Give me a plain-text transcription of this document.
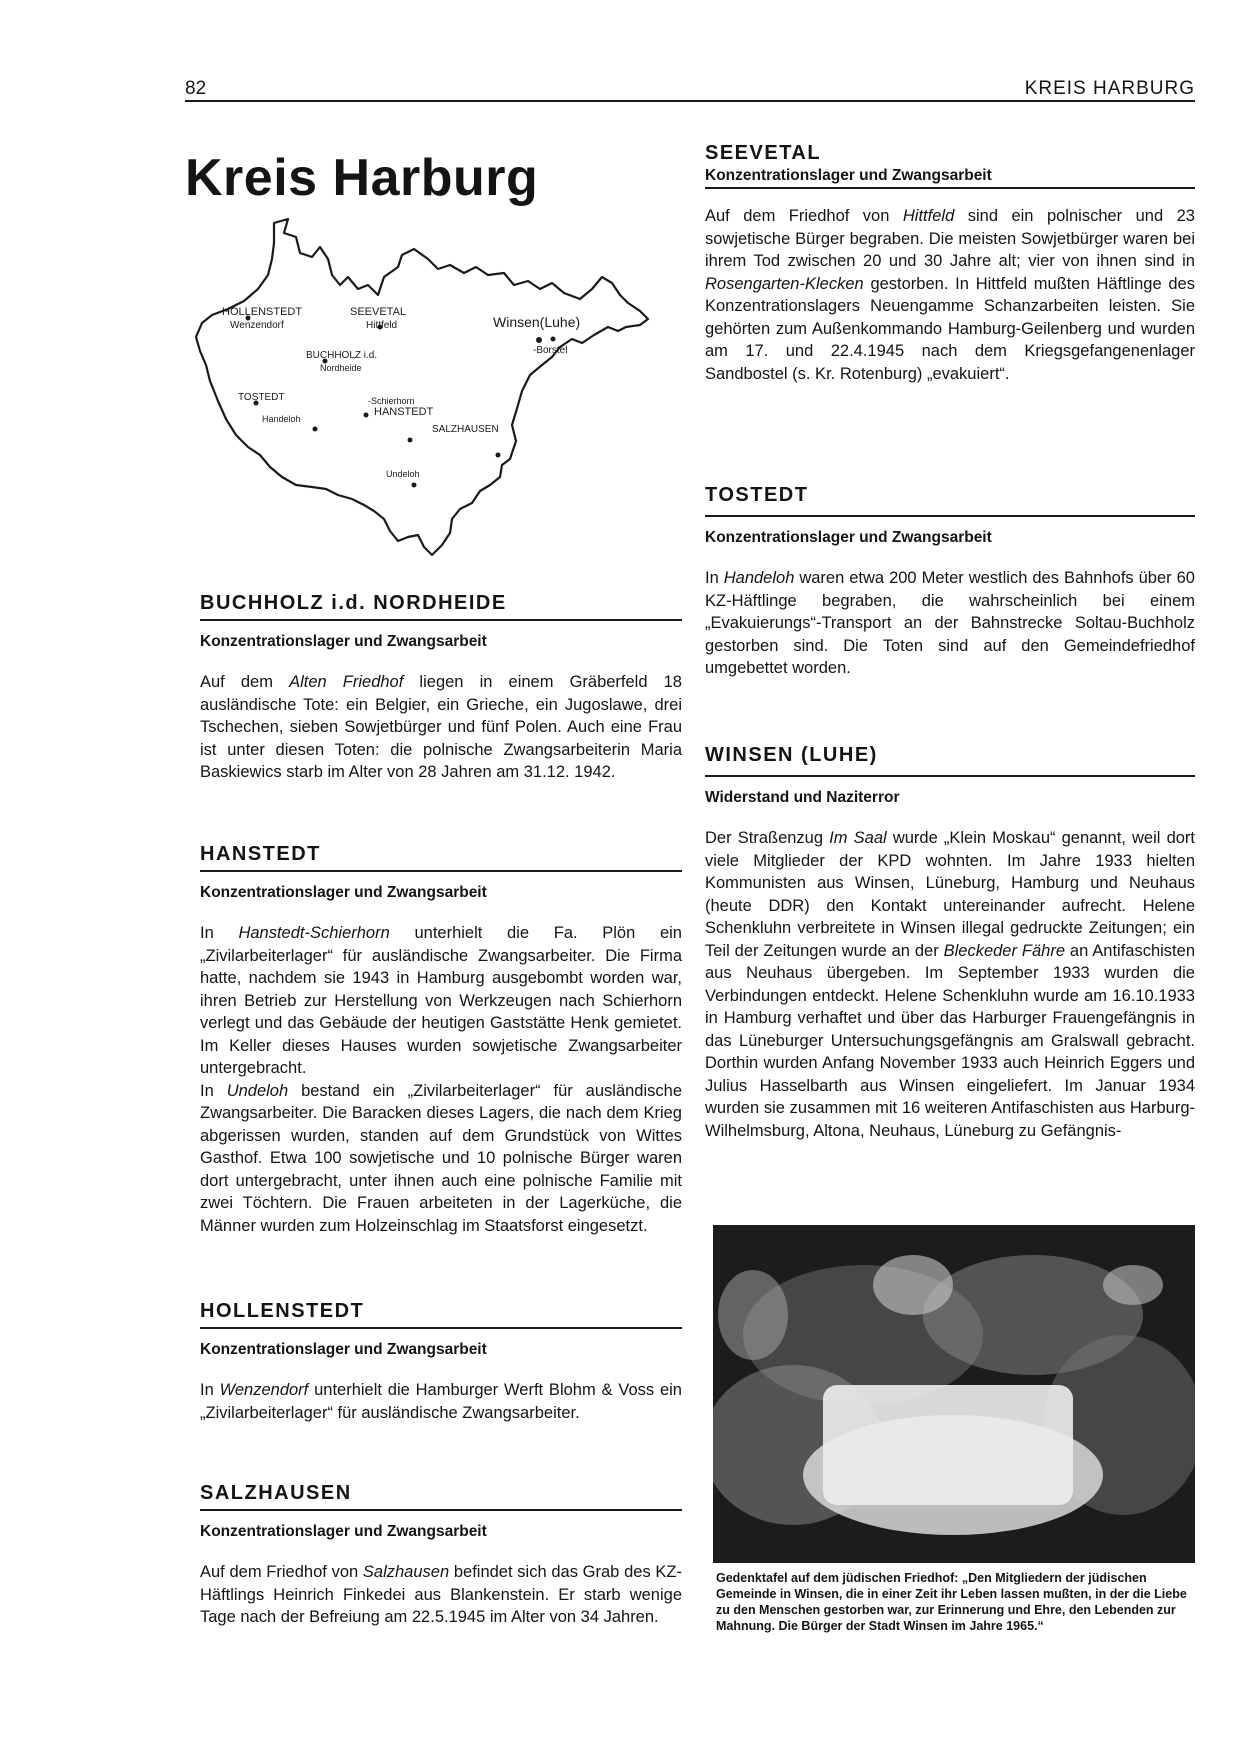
82	KREIS HARBURG
Kreis Harburg
HOLLENSTEDT
Wenzendorf
SEEVETAL
Hittfeld	Winsen(Luhe)
-Borstel
BUCHHOLZ i.d.
Nordheide
TOSTEDT
Handeloh
-Schierhorn
HANSTEDT
SALZHAUSEN
Undeloh
SEEVETAL

Konzentrationslager und Zwangsarbeit

Auf dem Friedhof von Hittfeld sind ein polnischer und 23 sowjetische Bürger begraben. Die meisten Sowjetbürger waren bei ihrem Tod zwischen 20 und 30 Jahre alt; vier von ihnen sind in Rosengarten-Klecken gestorben. In Hittfeld mußten Häftlinge des Konzentrationslagers Neuengamme Schanzarbeiten leisten. Sie gehörten zum Außenkommando Hamburg-Geilenberg und wurden am 17. und 22.4.1945 nach dem Kriegsgefangenenlager Sandbostel (s. Kr. Rotenburg) „evakuiert“.

TOSTEDT

Konzentrationslager und Zwangsarbeit

In Handeloh waren etwa 200 Meter westlich des Bahnhofs über 60 KZ-Häftlinge begraben, die wahrscheinlich bei einem „Evakuierungs“-Transport an der Bahnstrecke Soltau-Buchholz gestorben sind. Die Toten sind auf den Gemeindefriedhof umgebettet worden.

WINSEN (LUHE)

Widerstand und Naziterror

Der Straßenzug Im Saal wurde „Klein Moskau“ genannt, weil dort viele Mitglieder der KPD wohnten. Im Jahre 1933 hielten Kommunisten aus Winsen, Lüneburg, Hamburg und Neuhaus (heute DDR) den Kontakt untereinander aufrecht. Helene Schenkluhn verbreitete in Winsen illegal gedruckte Zeitungen; ein Teil der Zeitungen wurde an der Bleckeder Fähre an Antifaschisten aus Neuhaus übergeben. Im September 1933 wurden die Verbindungen entdeckt. Helene Schenkluhn wurde am 16.10.1933 in Hamburg verhaftet und über das Harburger Frauengefängnis in das Lüneburger Untersuchungsgefängnis am Gralswall gebracht. Dorthin wurden Anfang November 1933 auch Heinrich Eggers und Julius Hasselbarth aus Winsen eingeliefert. Im Januar 1934 wurden sie zusammen mit 16 weiteren Antifaschisten aus Harburg-Wilhelmsburg, Altona, Neuhaus, Lüneburg zu Gefängnis-

Gedenktafel auf dem jüdischen Friedhof: „Den Mitgliedern der jüdischen Gemeinde in Winsen, die in einer Zeit ihr Leben lassen mußten, in der die Liebe zu den Menschen gestorben war, zur Erinnerung und Ehre, den Lebenden zur Mahnung. Die Bürger der Stadt Winsen im Jahre 1965.“

BUCHHOLZ i.d. NORDHEIDE

Konzentrationslager und Zwangsarbeit

Auf dem Alten Friedhof liegen in einem Gräberfeld 18 ausländische Tote: ein Belgier, ein Grieche, ein Jugoslawe, drei Tschechen, sieben Sowjetbürger und fünf Polen. Auch eine Frau ist unter diesen Toten: die polnische Zwangsarbeiterin Maria Baskiewics starb im Alter von 28 Jahren am 31.12. 1942.

HANSTEDT

Konzentrationslager und Zwangsarbeit

In Hanstedt-Schierhorn unterhielt die Fa. Plön ein „Zivilarbeiterlager“ für ausländische Zwangsarbeiter. Die Firma hatte, nachdem sie 1943 in Hamburg ausgebombt worden war, ihren Betrieb zur Herstellung von Werkzeugen nach Schierhorn verlegt und das Gebäude der heutigen Gaststätte Henk gemietet. Im Keller dieses Hauses wurden sowjetische Zwangsarbeiter untergebracht.

In Undeloh bestand ein „Zivilarbeiterlager“ für ausländische Zwangsarbeiter. Die Baracken dieses Lagers, die nach dem Krieg abgerissen wurden, standen auf dem Grundstück von Wittes Gasthof. Etwa 100 sowjetische und 10 polnische Bürger waren dort untergebracht, unter ihnen auch eine polnische Familie mit zwei Töchtern. Die Frauen arbeiteten in der Lagerküche, die Männer wurden zum Holzeinschlag im Staatsforst eingesetzt.

HOLLENSTEDT

Konzentrationslager und Zwangsarbeit

In Wenzendorf unterhielt die Hamburger Werft Blohm & Voss ein „Zivilarbeiterlager“ für ausländische Zwangsarbeiter.

SALZHAUSEN

Konzentrationslager und Zwangsarbeit

Auf dem Friedhof von Salzhausen befindet sich das Grab des KZ-Häftlings Heinrich Finkedei aus Blankenstein. Er starb wenige Tage nach der Befreiung am 22.5.1945 im Alter von 34 Jahren.
